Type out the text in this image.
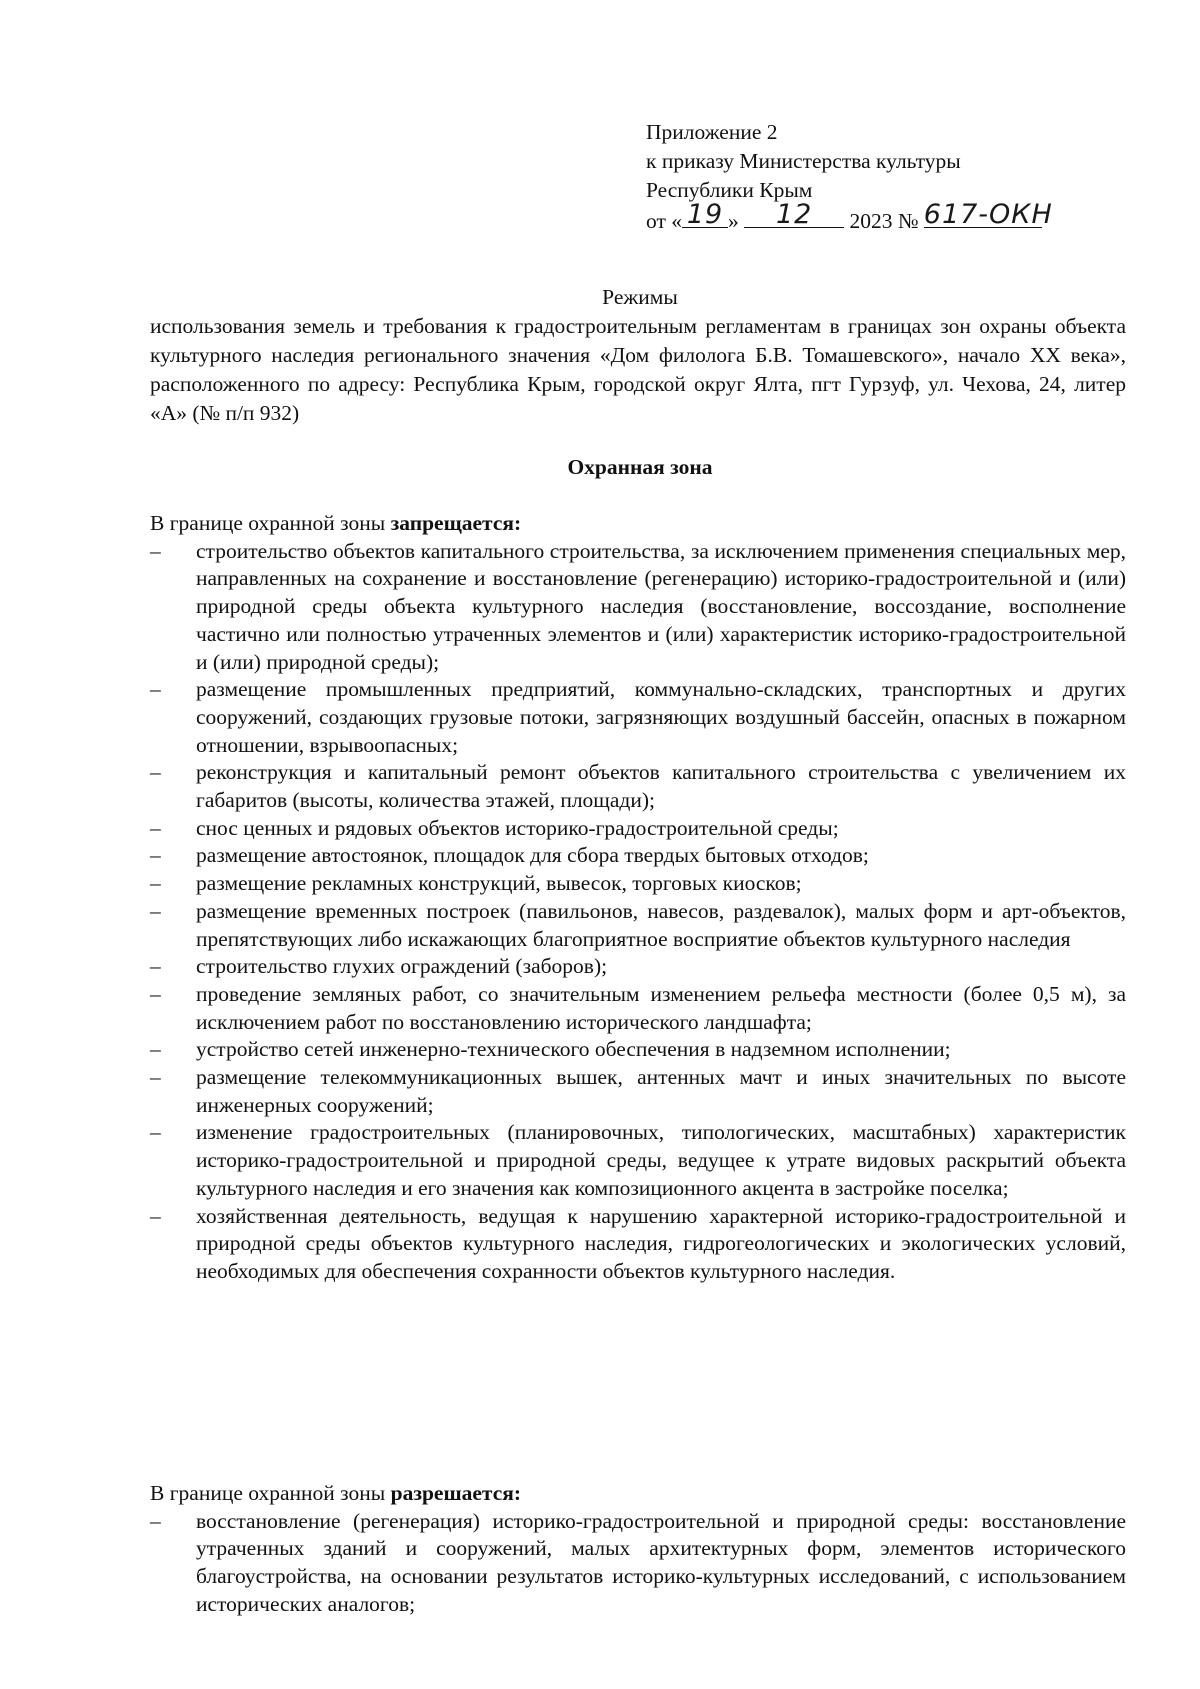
Приложение 2
к приказу Министерства культуры
Республики Крым
от « 19 » 12 2023 № 617-ОКН
Режимы
использования земель и требования к градостроительным регламентам в границах зон охраны объекта культурного наследия регионального значения «Дом филолога Б.В. Томашевского», начало XX века», расположенного по адресу: Республика Крым, городской округ Ялта, пгт Гурзуф, ул. Чехова, 24, литер «А» (№ п/п 932)
Охранная зона

В границе охранной зоны запрещается:

–	строительство объектов капитального строительства, за исключением применения специальных мер, направленных на сохранение и восстановление (регенерацию) историко-градостроительной и (или) природной среды объекта культурного наследия (восстановление, воссоздание, восполнение частично или полностью утраченных элементов и (или) характеристик историко-градостроительной и (или) природной среды);
–	размещение промышленных предприятий, коммунально-складских, транспортных и других сооружений, создающих грузовые потоки, загрязняющих воздушный бассейн, опасных в пожарном отношении, взрывоопасных;
–	реконструкция и капитальный ремонт объектов капитального строительства с увеличением их габаритов (высоты, количества этажей, площади);
–	снос ценных и рядовых объектов историко-градостроительной среды;
–	размещение автостоянок, площадок для сбора твердых бытовых отходов;
–	размещение рекламных конструкций, вывесок, торговых киосков;
–	размещение временных построек (павильонов, навесов, раздевалок), малых форм и арт-объектов, препятствующих либо искажающих благоприятное восприятие объектов культурного наследия
–	строительство глухих ограждений (заборов);
–	проведение земляных работ, со значительным изменением рельефа местности (более 0,5 м), за исключением работ по восстановлению исторического ландшафта;
–	устройство сетей инженерно-технического обеспечения в надземном исполнении;
–	размещение телекоммуникационных вышек, антенных мачт и иных значительных по высоте инженерных сооружений;
–	изменение градостроительных (планировочных, типологических, масштабных) характеристик историко-градостроительной и природной среды, ведущее к утрате видовых раскрытий объекта культурного наследия и его значения как композиционного акцента в застройке поселка;
–	хозяйственная деятельность, ведущая к нарушению характерной историко-градостроительной и природной среды объектов культурного наследия, гидрогеологических и экологических условий, необходимых для обеспечения сохранности объектов культурного наследия.

В границе охранной зоны разрешается:

–	восстановление (регенерация) историко-градостроительной и природной среды: восстановление утраченных зданий и сооружений, малых архитектурных форм, элементов исторического благоустройства, на основании результатов историко-культурных исследований, с использованием исторических аналогов;
